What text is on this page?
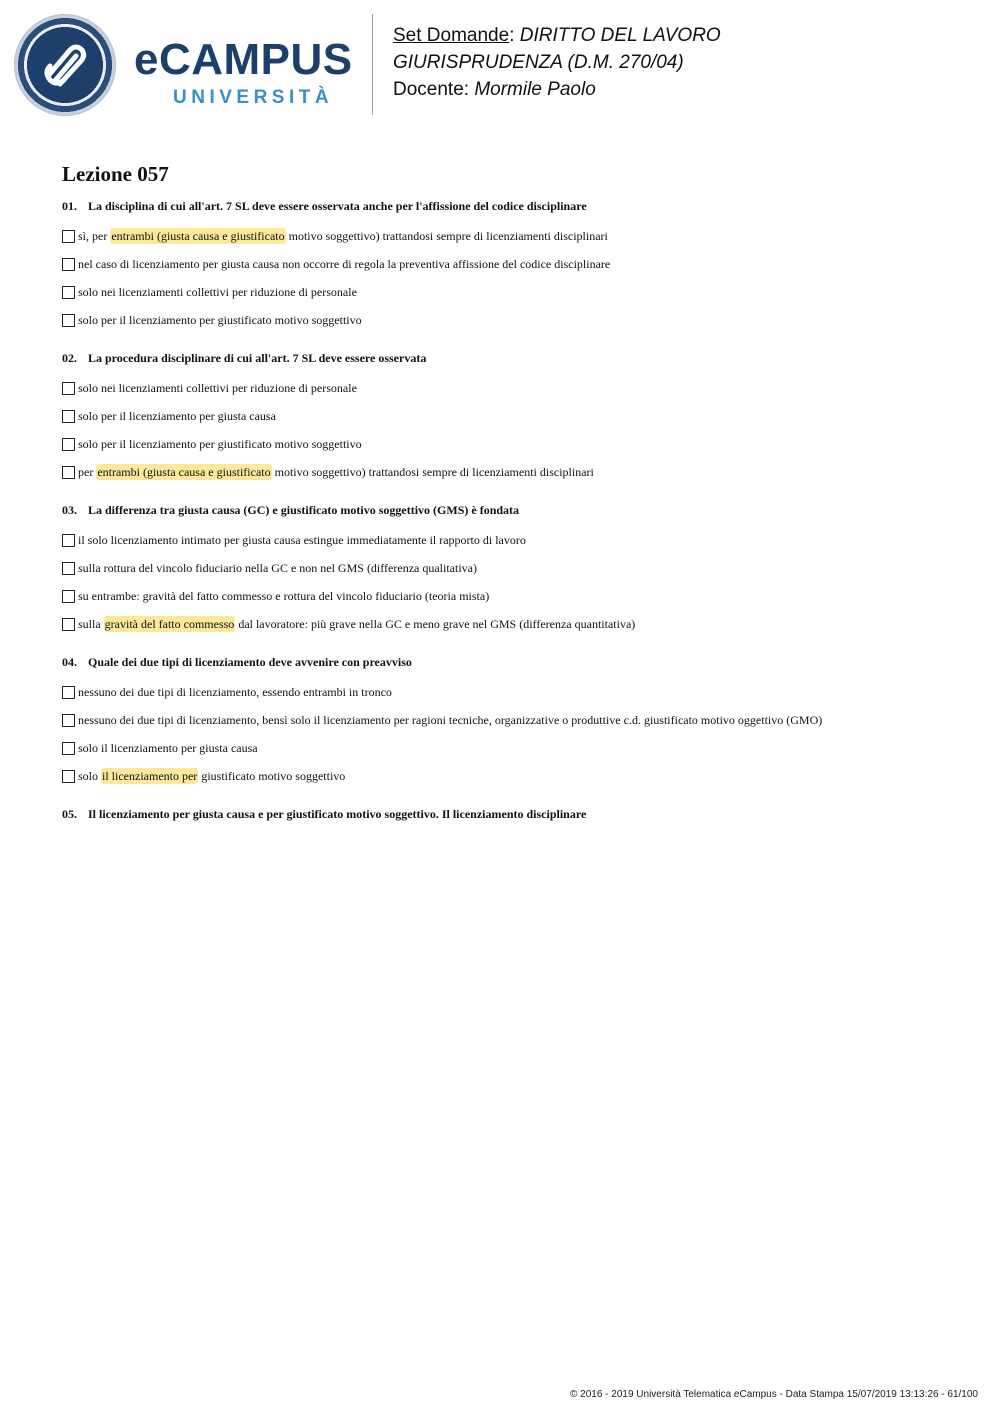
eCAMPUS
UNIVERSITÀ
Set Domande: DIRITTO DEL LAVORO
GIURISPRUDENZA (D.M. 270/04)
Docente: Mormile Paolo
Lezione 057
01. La disciplina di cui all'art. 7 SL deve essere osservata anche per l'affissione del codice disciplinare
sì, per entrambi (giusta causa e giustificato motivo soggettivo) trattandosi sempre di licenziamenti disciplinari
nel caso di licenziamento per giusta causa non occorre di regola la preventiva affissione del codice disciplinare
solo nei licenziamenti collettivi per riduzione di personale
solo per il licenziamento per giustificato motivo soggettivo
02. La procedura disciplinare di cui all'art. 7 SL deve essere osservata
solo nei licenziamenti collettivi per riduzione di personale
solo per il licenziamento per giusta causa
solo per il licenziamento per giustificato motivo soggettivo
per entrambi (giusta causa e giustificato motivo soggettivo) trattandosi sempre di licenziamenti disciplinari
03. La differenza tra giusta causa (GC) e giustificato motivo soggettivo (GMS) è fondata
il solo licenziamento intimato per giusta causa estingue immediatamente il rapporto di lavoro
sulla rottura del vincolo fiduciario nella GC e non nel GMS (differenza qualitativa)
su entrambe: gravità del fatto commesso e rottura del vincolo fiduciario (teoria mista)
sulla gravità del fatto commesso dal lavoratore: più grave nella GC e meno grave nel GMS (differenza quantitativa)
04. Quale dei due tipi di licenziamento deve avvenire con preavviso
nessuno dei due tipi di licenziamento, essendo entrambi in tronco
nessuno dei due tipi di licenziamento, bensì solo il licenziamento per ragioni tecniche, organizzative o produttive c.d. giustificato motivo oggettivo (GMO)
solo il licenziamento per giusta causa
solo il licenziamento per giustificato motivo soggettivo
05. Il licenziamento per giusta causa e per giustificato motivo soggettivo. Il licenziamento disciplinare
© 2016 - 2019 Università Telematica eCampus - Data Stampa 15/07/2019 13:13:26 - 61/100
